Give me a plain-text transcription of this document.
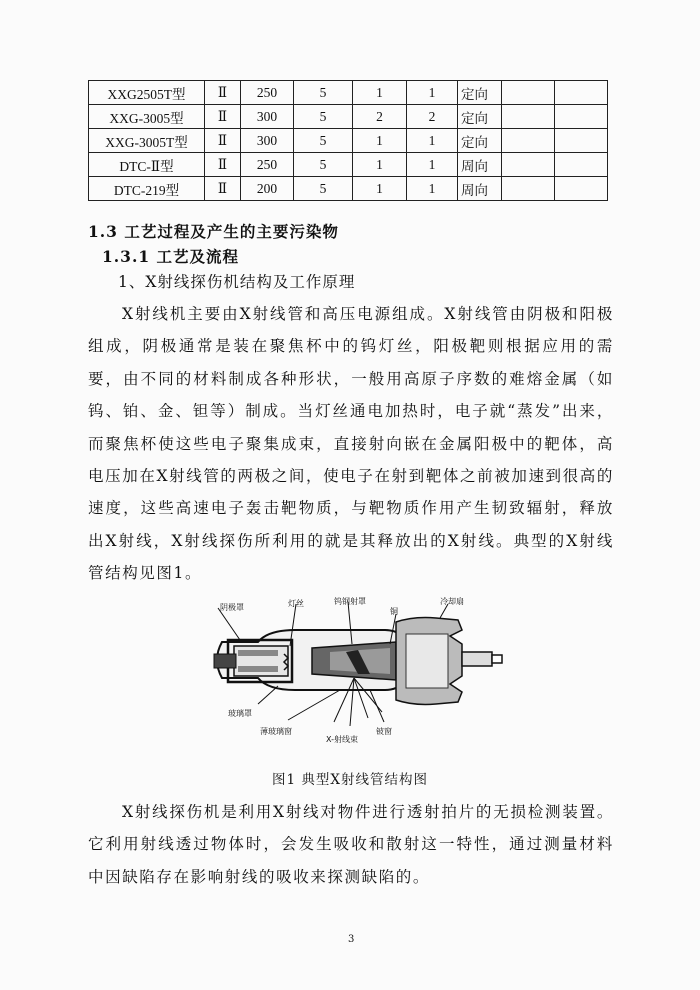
XXG2505T型	Ⅱ	250	5	1	1	定向		
XXG-3005型	Ⅱ	300	5	2	2	定向		
XXG-3005T型	Ⅱ	300	5	1	1	定向		
DTC-Ⅱ型	Ⅱ	250	5	1	1	周向		
DTC-219型	Ⅱ	200	5	1	1	周向		
1.3 工艺过程及产生的主要污染物
1.3.1 工艺及流程
1、X射线探伤机结构及工作原理

X射线机主要由X射线管和高压电源组成。X射线管由阴极和阳极组成，阴极通常是装在聚焦杯中的钨灯丝，阳极靶则根据应用的需要，由不同的材料制成各种形状，一般用高原子序数的难熔金属（如钨、铂、金、钽等）制成。当灯丝通电加热时，电子就“蒸发”出来，而聚焦杯使这些电子聚集成束，直接射向嵌在金属阳极中的靶体，高电压加在X射线管的两极之间，使电子在射到靶体之前被加速到很高的速度，这些高速电子轰击靶物质，与靶物质作用产生韧致辐射，释放出X射线，X射线探伤所利用的就是其释放出的X射线。典型的X射线管结构见图1。

阴极罩	灯丝	钨钢射罩
铜
冷却扇
玻璃罩
薄玻璃窗
X-射线束
铍窗
图1 典型X射线管结构图

X射线探伤机是利用X射线对物件进行透射拍片的无损检测装置。它利用射线透过物体时，会发生吸收和散射这一特性，通过测量材料中因缺陷存在影响射线的吸收来探测缺陷的。

3
